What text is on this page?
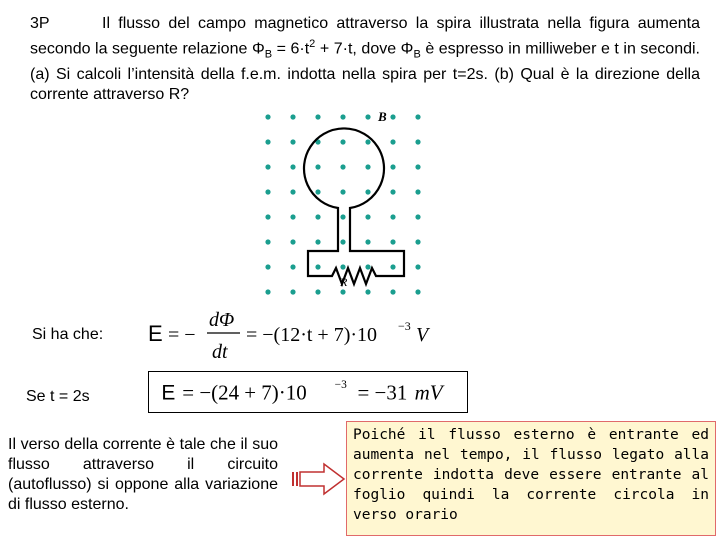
3P	Il flusso del campo magnetico attraverso la spira illustrata nella figura aumenta secondo la seguente relazione $\Phi_B = 6\cdot t^2 + 7\cdot t$, dove $\Phi_B$ è espresso in milliweber e t in secondi. (a) Si calcoli l’intensità della f.e.m. indotta nella spira per t=2s. (b) Qual è la direzione della corrente attraverso R?
B
R
Si ha che: E = −
dΦ
dt
= −(12·t + 7)·10 −3 V
Se t = 2s	E = −(24 + 7)·10 −3 = −31 mV
Il verso della corrente è tale che il suo flusso attraverso il circuito (autoflusso) si oppone alla variazione di flusso esterno.
Poiché il flusso esterno è entrante ed aumenta nel tempo, il flusso legato alla corrente indotta deve essere entrante al foglio quindi la corrente circola in verso orario
